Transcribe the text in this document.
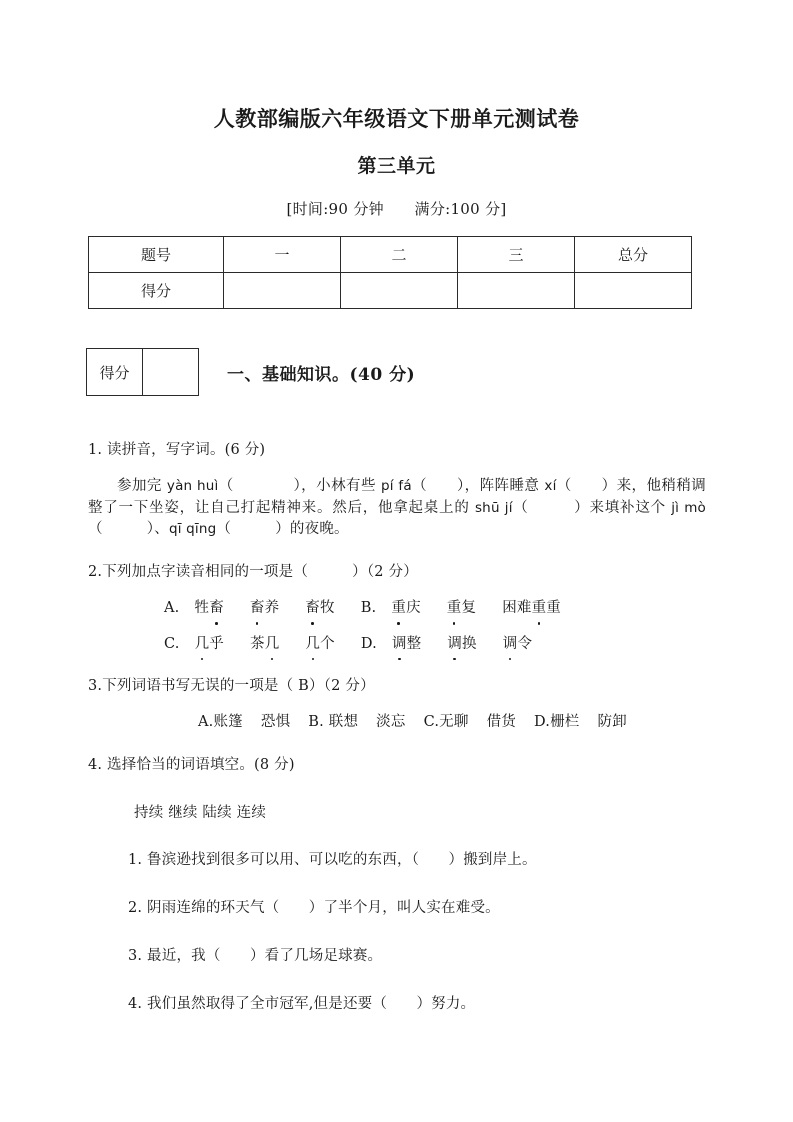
人教部编版六年级语文下册单元测试卷
第三单元

[时间:90 分钟　　满分:100 分]

题号	一	二	三	总分
得分				
得分	一、基础知识。(40 分)

1. 读拼音，写字词。(6 分)

参加完 yàn huì（　　　　），小林有些 pí fá（　　），阵阵睡意 xí（　　）来，他稍稍调整了一下坐姿，让自己打起精神来。然后，他拿起桌上的 shū jí（　　　）来填补这个 jì mò（　　　）、qī qīng（　　　）的夜晚。

2.下列加点字读音相同的一项是（　　　）（2 分）

A. 牲畜 畜养 畜牧 B. 重庆 重复 困难重重

C. 几乎 茶几 几个 D. 调整 调换 调令

3.下列词语书写无误的一项是（ B）（2 分）

A.账篷 恐惧 B. 联想 淡忘 C.无聊 借货 D.栅栏 防卸

4. 选择恰当的词语填空。(8 分)

持续 继续 陆续 连续

1. 鲁滨逊找到很多可以用、可以吃的东西，（　　）搬到岸上。

2. 阴雨连绵的环天气（　　）了半个月，叫人实在难受。

3. 最近，我（　　）看了几场足球赛。

4. 我们虽然取得了全市冠军,但是还要（　　）努力。
